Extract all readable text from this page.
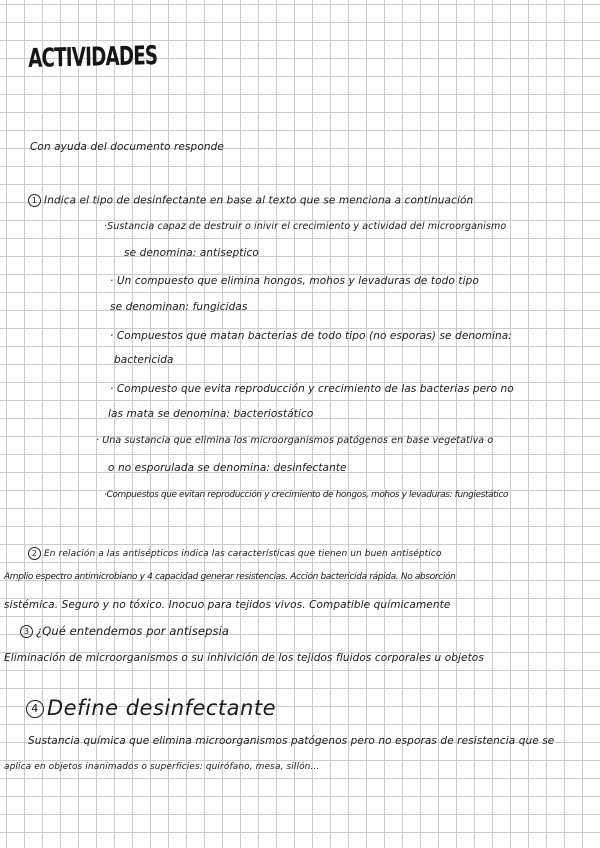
ACTIVIDADES
Con ayuda del documento responde
1 Indica el tipo de desinfectante en base al texto que se menciona a continuación
·Sustancia capaz de destruir o inivir el crecimiento y actividad del microorganismo
se denomina: antiseptico
· Un compuesto que elimina hongos, mohos y levaduras de todo tipo
se denominan: fungicidas
· Compuestos que matan bacterias de todo tipo (no esporas) se denomina:
bactericida
· Compuesto que evita reproducción y crecimiento de las bacterias pero no
las mata se denomina: bacteriostático
· Una sustancia que elimina los microorganismos patógenos en base vegetativa o
o no esporulada se denomina: desinfectante
·Compuestos que evitan reproducción y crecimiento de hongos, mohos y levaduras: fungiestático
2 En relación a las antisépticos indica las características que tienen un buen antiséptico
Amplio espectro antimicrobiano y 4 capacidad generar resistencias. Acción bactericida rápida. No absorción
sistémica. Seguro y no tóxico. Inocuo para tejidos vivos. Compatible químicamente
3 ¿Qué entendemos por antisepsia
Eliminación de microorganismos o su inhivición de los tejidos fluidos corporales u objetos
4 Define desinfectante
Sustancia química que elimina microorganismos patógenos pero no esporas de resistencia que se
aplica en objetos inanimados o superficies: quirófano, mesa, sillón...
